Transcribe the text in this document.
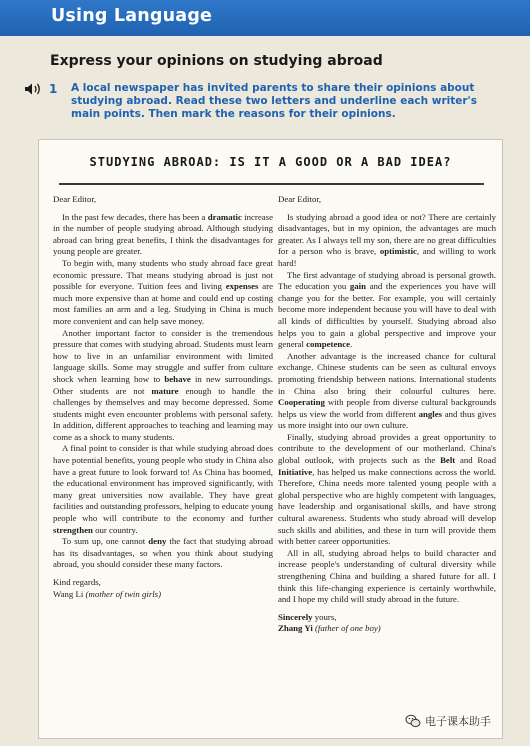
Using Language
Express your opinions on studying abroad
1 A local newspaper has invited parents to share their opinions about studying abroad. Read these two letters and underline each writer's main points. Then mark the reasons for their opinions.
STUDYING ABROAD: IS IT A GOOD OR A BAD IDEA?

Dear Editor,

In the past few decades, there has been a dramatic increase in the number of people studying abroad. Although studying abroad can bring great benefits, I think the disadvantages for young people are greater.

To begin with, many students who study abroad face great economic pressure. That means studying abroad is just not possible for everyone. Tuition fees and living expenses are much more expensive than at home and could end up costing most families an arm and a leg. Studying in China is much more convenient and can help save money.

Another important factor to consider is the tremendous pressure that comes with studying abroad. Students must learn how to live in an unfamiliar environment with limited language skills. Some may struggle and suffer from culture shock when learning how to behave in new surroundings. Other students are not mature enough to handle the challenges by themselves and may become depressed. Some students might even encounter problems with personal safety. In addition, different approaches to teaching and learning may come as a shock to many students.

A final point to consider is that while studying abroad does have potential benefits, young people who study in China also have a great future to look forward to! As China has boomed, the educational environment has improved significantly, with many great universities now available. They have great facilities and outstanding professors, helping to educate young people who will contribute to the economy and further strengthen our country.

To sum up, one cannot deny the fact that studying abroad has its disadvantages, so when you think about studying abroad, you should consider these many factors.

Kind regards,

Wang Li (mother of twin girls)

Dear Editor,

Is studying abroad a good idea or not? There are certainly disadvantages, but in my opinion, the advantages are much greater. As I always tell my son, there are no great difficulties for a person who is brave, optimistic, and willing to work hard!

The first advantage of studying abroad is personal growth. The education you gain and the experiences you have will change you for the better. For example, you will certainly become more independent because you will have to deal with all kinds of difficulties by yourself. Studying abroad also helps you to gain a global perspective and improve your general competence.

Another advantage is the increased chance for cultural exchange. Chinese students can be seen as cultural envoys promoting friendship between nations. International students in China also bring their colourful cultures here. Cooperating with people from diverse cultural backgrounds helps us view the world from different angles and thus gives us more insight into our own culture.

Finally, studying abroad provides a great opportunity to contribute to the development of our motherland. China's global outlook, with projects such as the Belt and Road Initiative, has helped us make connections across the world. Therefore, China needs more talented young people with a global perspective who are highly competent with languages, have leadership and organisational skills, and have strong cultural awareness. Students who study abroad will develop such skills and abilities, and these in turn will provide them with better career opportunities.

All in all, studying abroad helps to build character and increase people's understanding of cultural diversity while strengthening China and building a shared future for all. I think this life-changing experience is certainly worthwhile, and I hope my child will study abroad in the future.

Sincerely yours,

Zhang Yi (father of one boy)

电子课本助手
